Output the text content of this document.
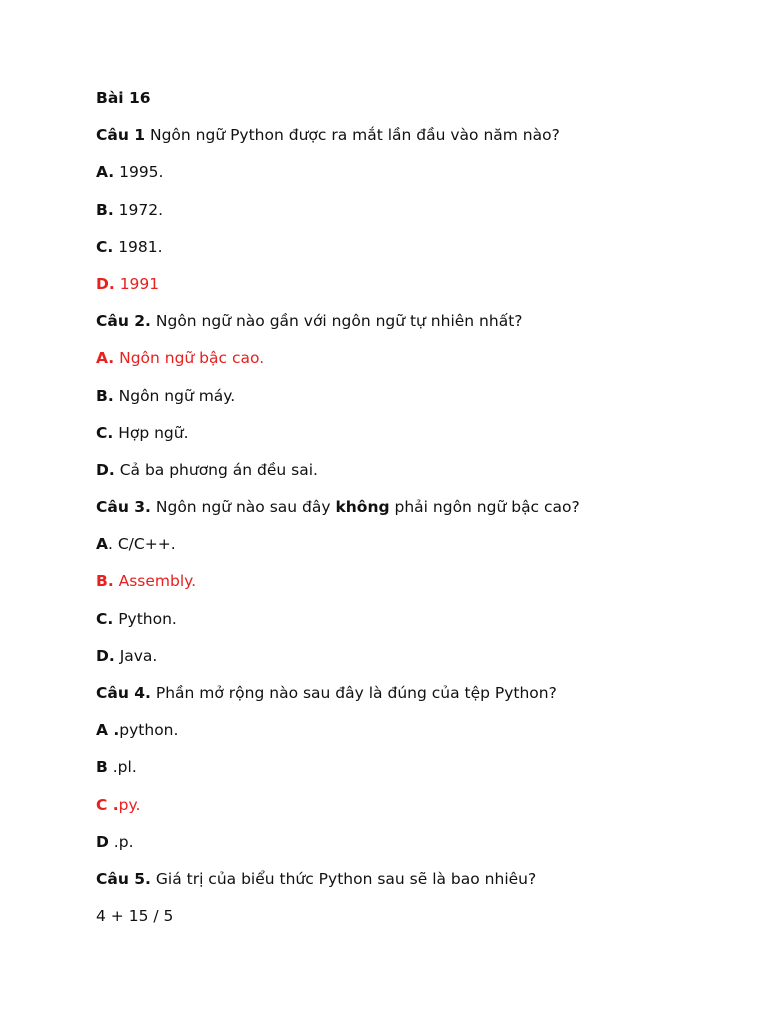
Bài 16
Câu 1 Ngôn ngữ Python được ra mắt lần đầu vào năm nào?
A. 1995.
B. 1972.
C. 1981.
D. 1991
Câu 2. Ngôn ngữ nào gần với ngôn ngữ tự nhiên nhất?
A. Ngôn ngữ bậc cao.
B. Ngôn ngữ máy.
C. Hợp ngữ.
D. Cả ba phương án đều sai.
Câu 3. Ngôn ngữ nào sau đây không phải ngôn ngữ bậc cao?
A. C/C++.
B. Assembly.
C. Python.
D. Java.
Câu 4. Phần mở rộng nào sau đây là đúng của tệp Python?
A .python.
B .pl.
C .py.
D .p.
Câu 5. Giá trị của biểu thức Python sau sẽ là bao nhiêu?
4 + 15 / 5
